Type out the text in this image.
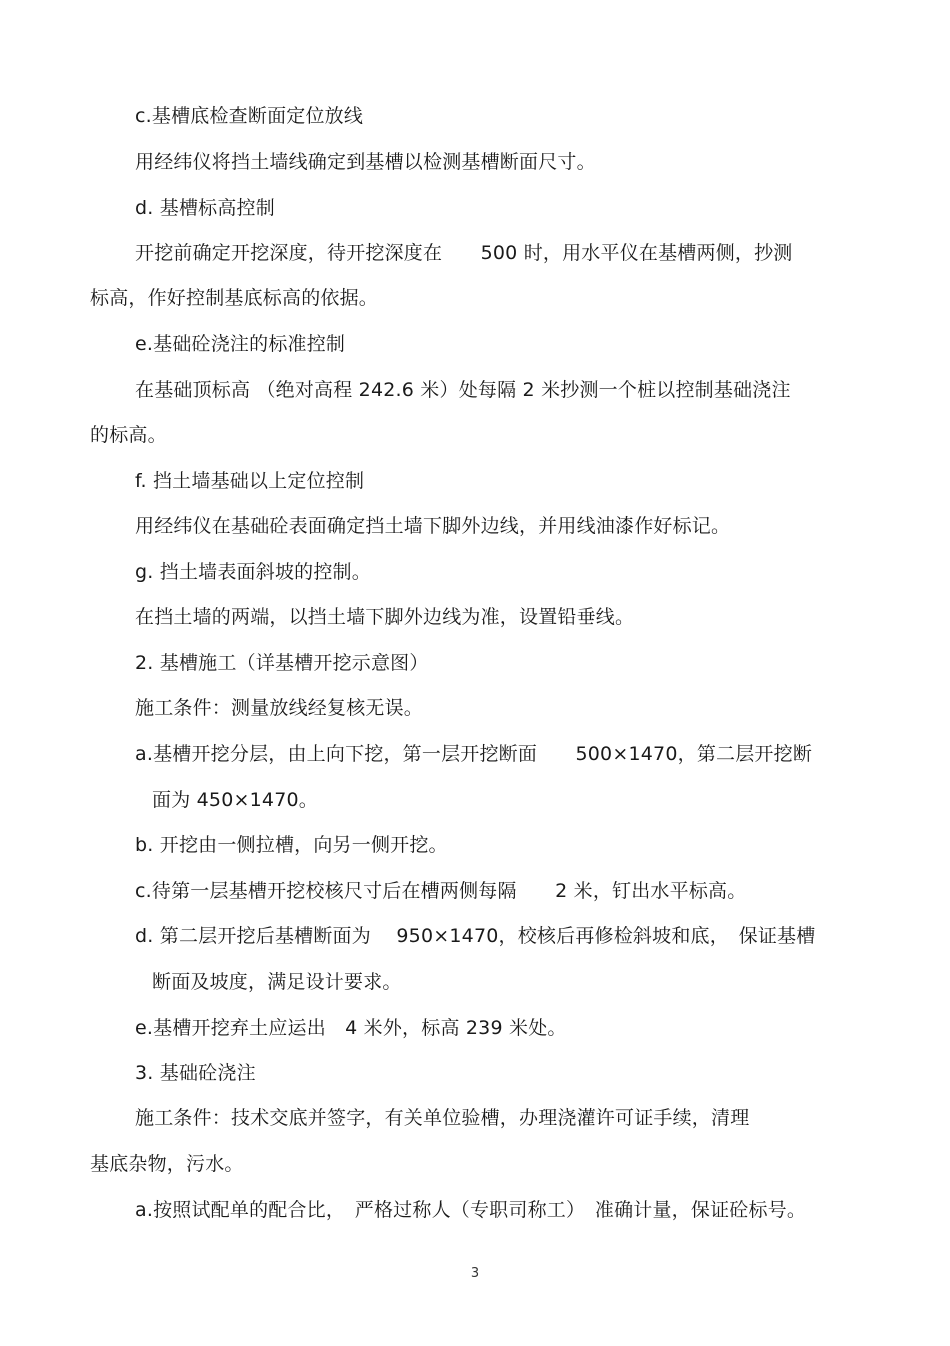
c.基槽底检查断面定位放线
用经纬仪将挡土墙线确定到基槽以检测基槽断面尺寸。
d. 基槽标高控制
开挖前确定开挖深度，待开挖深度在　　500 时，用水平仪在基槽两侧，抄测
标高，作好控制基底标高的依据。
e.基础砼浇注的标准控制
在基础顶标高 （绝对高程 242.6 米）处每隔 2 米抄测一个桩以控制基础浇注
的标高。
f. 挡土墙基础以上定位控制
用经纬仪在基础砼表面确定挡土墙下脚外边线，并用线油漆作好标记。
g. 挡土墙表面斜坡的控制。
在挡土墙的两端，以挡土墙下脚外边线为准，设置铅垂线。
2. 基槽施工（详基槽开挖示意图）
施工条件：测量放线经复核无误。
a.基槽开挖分层，由上向下挖，第一层开挖断面　　500×1470，第二层开挖断
面为 450×1470。
b. 开挖由一侧拉槽，向另一侧开挖。
c.待第一层基槽开挖校核尺寸后在槽两侧每隔　　2 米，钉出水平标高。
d. 第二层开挖后基槽断面为　 950×1470，校核后再修检斜坡和底，　保证基槽
断面及坡度，满足设计要求。
e.基槽开挖弃土应运出　4 米外，标高 239 米处。
3. 基础砼浇注
施工条件：技术交底并签字，有关单位验槽，办理浇灌许可证手续，清理
基底杂物，污水。
a.按照试配单的配合比，　严格过称人（专职司称工）　准确计量，保证砼标号。
3
